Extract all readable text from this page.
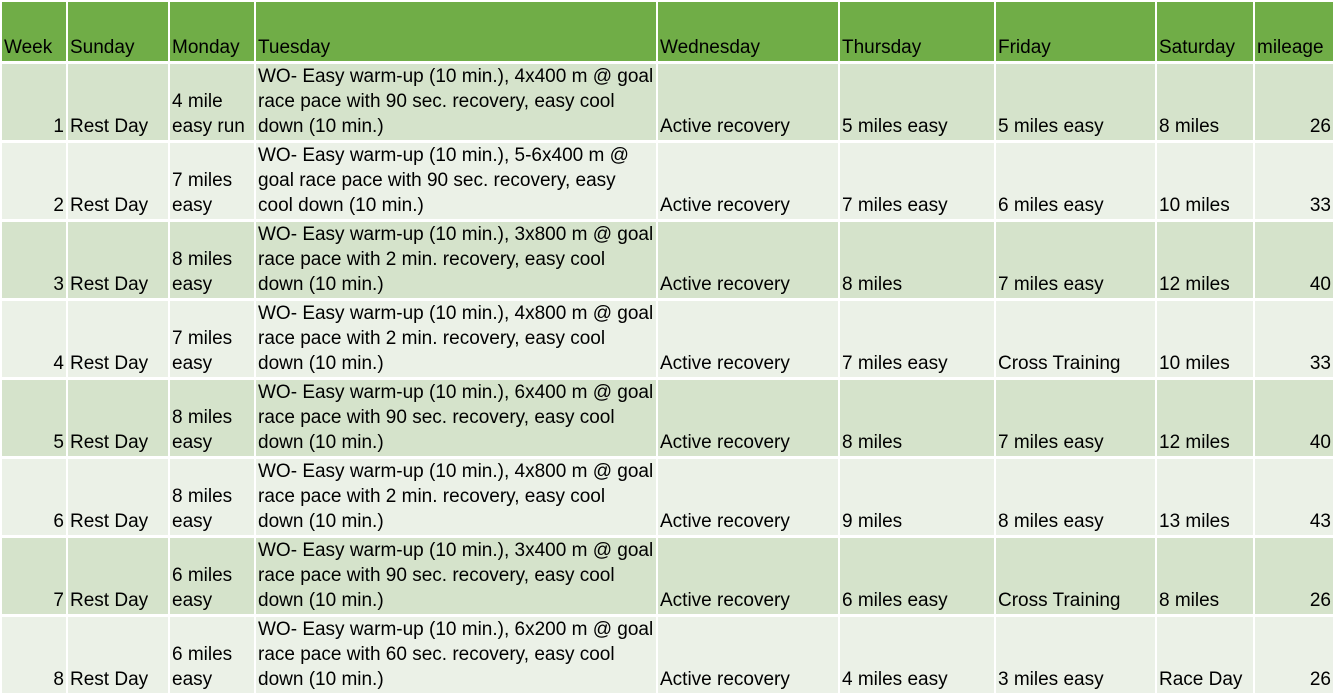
Week	Sunday	Monday	Tuesday	Wednesday	Thursday	Friday	Saturday	mileage
1	Rest Day	4 mile easy run	WO- Easy warm-up (10 min.), 4x400 m @ goal race pace with 90 sec. recovery, easy cool down (10 min.)	Active recovery	5 miles easy	5 miles easy	8 miles	26
2	Rest Day	7 miles easy	WO- Easy warm-up (10 min.), 5-6x400 m @ goal race pace with 90 sec. recovery, easy cool down (10 min.)	Active recovery	7 miles easy	6 miles easy	10 miles	33
3	Rest Day	8 miles easy	WO- Easy warm-up (10 min.), 3x800 m @ goal race pace with 2 min. recovery, easy cool down (10 min.)	Active recovery	8 miles	7 miles easy	12 miles	40
4	Rest Day	7 miles easy	WO- Easy warm-up (10 min.), 4x800 m @ goal race pace with 2 min. recovery, easy cool down (10 min.)	Active recovery	7 miles easy	Cross Training	10 miles	33
5	Rest Day	8 miles easy	WO- Easy warm-up (10 min.), 6x400 m @ goal race pace with 90 sec. recovery, easy cool down (10 min.)	Active recovery	8 miles	7 miles easy	12 miles	40
6	Rest Day	8 miles easy	WO- Easy warm-up (10 min.), 4x800 m @ goal race pace with 2 min. recovery, easy cool down (10 min.)	Active recovery	9 miles	8 miles easy	13 miles	43
7	Rest Day	6 miles easy	WO- Easy warm-up (10 min.), 3x400 m @ goal race pace with 90 sec. recovery, easy cool down (10 min.)	Active recovery	6 miles easy	Cross Training	8 miles	26
8	Rest Day	6 miles easy	WO- Easy warm-up (10 min.), 6x200 m @ goal race pace with 60 sec. recovery, easy cool down (10 min.)	Active recovery	4 miles easy	3 miles easy	Race Day	26
